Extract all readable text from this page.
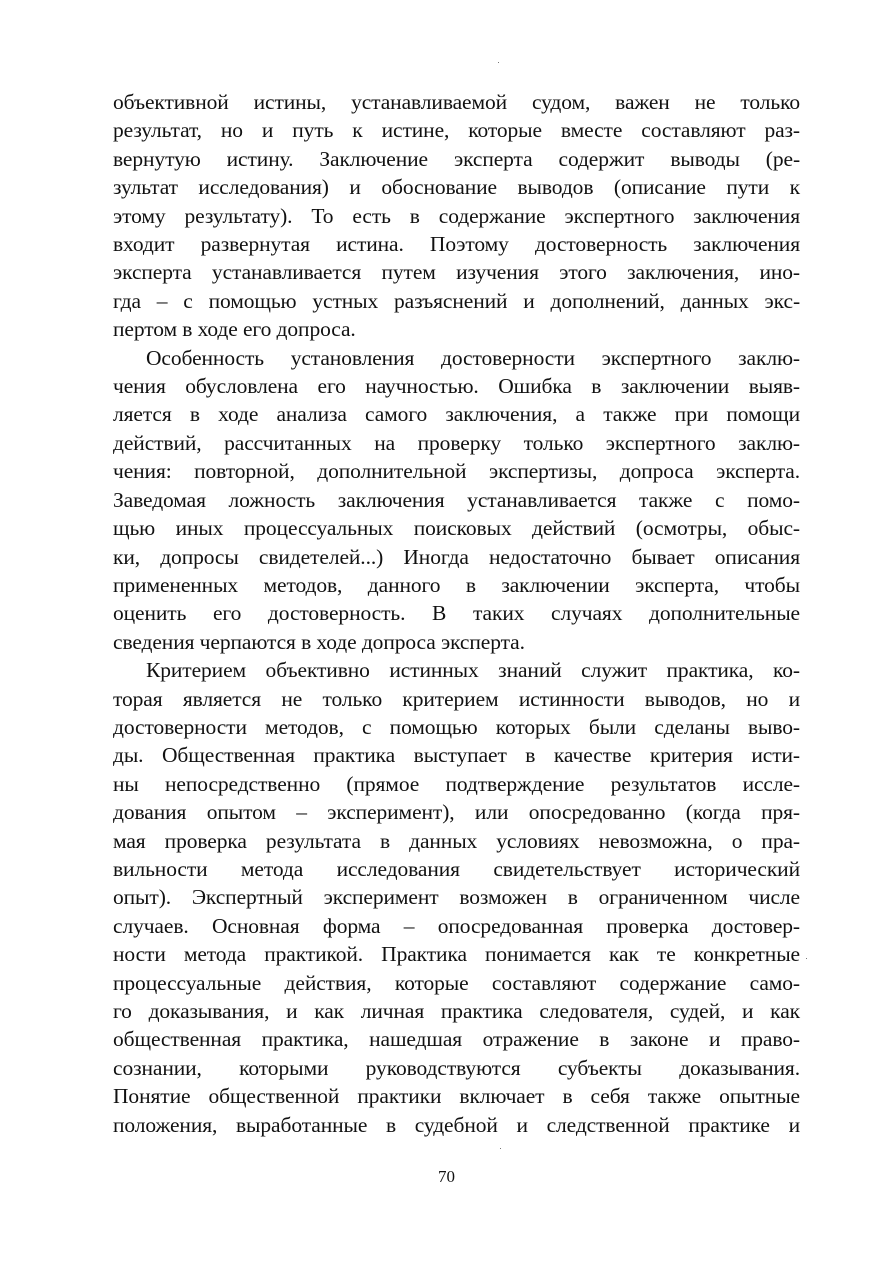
объективной истины, устанавливаемой судом, важен не только
результат, но и путь к истине, которые вместе составляют раз-
вернутую истину. Заключение эксперта содержит выводы (ре-
зультат исследования) и обоснование выводов (описание пути к
этому результату). То есть в содержание экспертного заключения
входит развернутая истина. Поэтому достоверность заключения
эксперта устанавливается путем изучения этого заключения, ино-
гда – с помощью устных разъяснений и дополнений, данных экс-
пертом в ходе его допроса.
Особенность установления достоверности экспертного заклю-
чения обусловлена его научностью. Ошибка в заключении выяв-
ляется в ходе анализа самого заключения, а также при помощи
действий, рассчитанных на проверку только экспертного заклю-
чения: повторной, дополнительной экспертизы, допроса эксперта.
Заведомая ложность заключения устанавливается также с помо-
щью иных процессуальных поисковых действий (осмотры, обыс-
ки, допросы свидетелей...) Иногда недостаточно бывает описания
примененных методов, данного в заключении эксперта, чтобы
оценить его достоверность. В таких случаях дополнительные
сведения черпаются в ходе допроса эксперта.
Критерием объективно истинных знаний служит практика, ко-
торая является не только критерием истинности выводов, но и
достоверности методов, с помощью которых были сделаны выво-
ды. Общественная практика выступает в качестве критерия исти-
ны непосредственно (прямое подтверждение результатов иссле-
дования опытом – эксперимент), или опосредованно (когда пря-
мая проверка результата в данных условиях невозможна, о пра-
вильности метода исследования свидетельствует исторический
опыт). Экспертный эксперимент возможен в ограниченном числе
случаев. Основная форма – опосредованная проверка достовер-
ности метода практикой. Практика понимается как те конкретные
процессуальные действия, которые составляют содержание само-
го доказывания, и как личная практика следователя, судей, и как
общественная практика, нашедшая отражение в законе и право-
сознании, которыми руководствуются субъекты доказывания.
Понятие общественной практики включает в себя также опытные
положения, выработанные в судебной и следственной практике и
70
